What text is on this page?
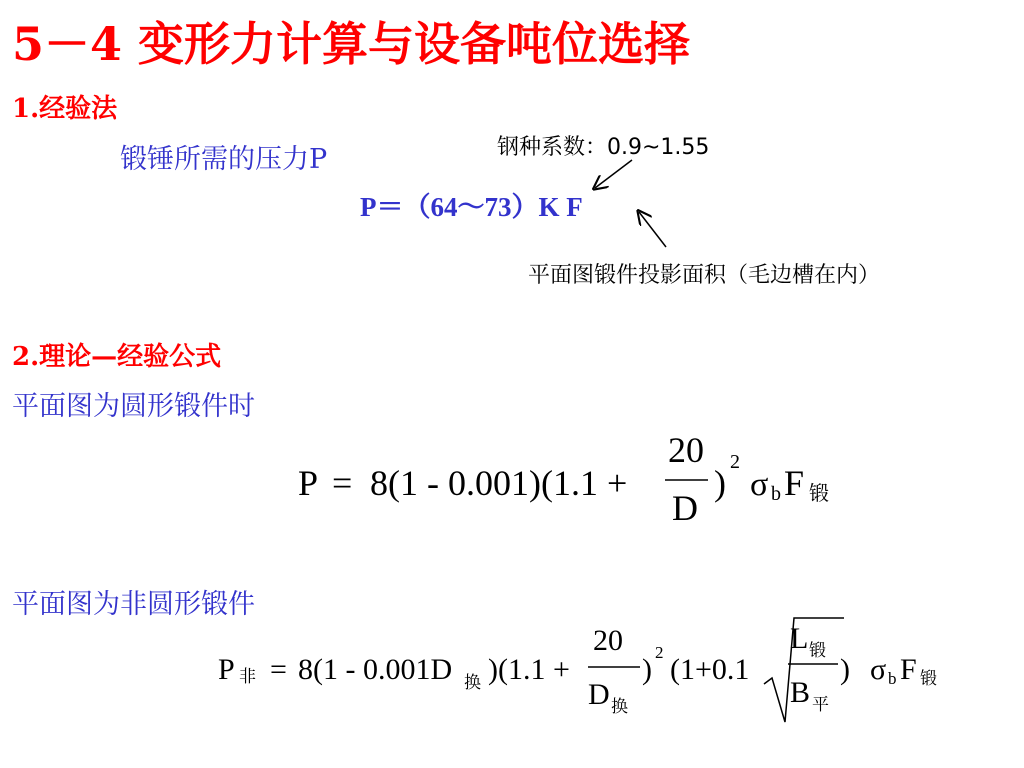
5－4 变形力计算与设备吨位选择
1.经验法
锻锤所需的压力P
P＝（64～73）K F
钢种系数：0.9~1.55
平面图锻件投影面积（毛边槽在内）
2.理论—经验公式
平面图为圆形锻件时
平面图为非圆形锻件
P = 8(1 - 0.001)(1.1 +
20
D
)
2
σ b F 锻
P 非 = 8(1 - 0.001D 换 )(1.1 +
20
D 换
)
2
( 1+0.1
L 锻
B 平
) σ b F 锻
